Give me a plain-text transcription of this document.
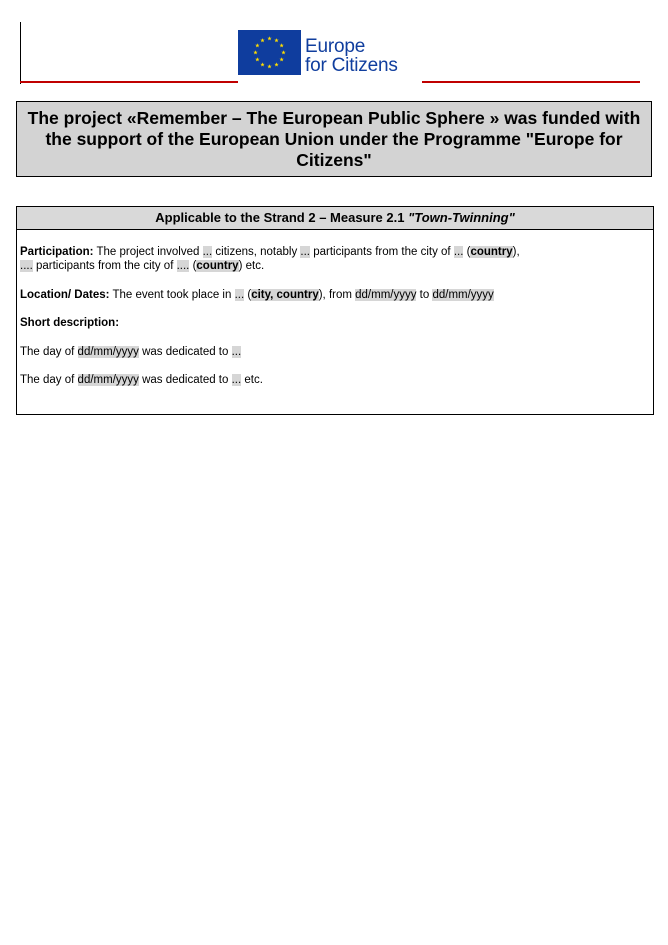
Europe
for Citizens
The project «Remember – The European Public Sphere » was funded with the support of the European Union under the Programme "Europe for Citizens"
Applicable to the Strand 2 – Measure 2.1 "Town-Twinning"
Participation: The project involved ... citizens, notably ... participants from the city of ... (country),
.... participants from the city of .... (country) etc.
Location/ Dates: The event took place in ... (city, country), from dd/mm/yyyy to dd/mm/yyyy
Short description:
The day of dd/mm/yyyy was dedicated to ...
The day of dd/mm/yyyy was dedicated to ... etc.
